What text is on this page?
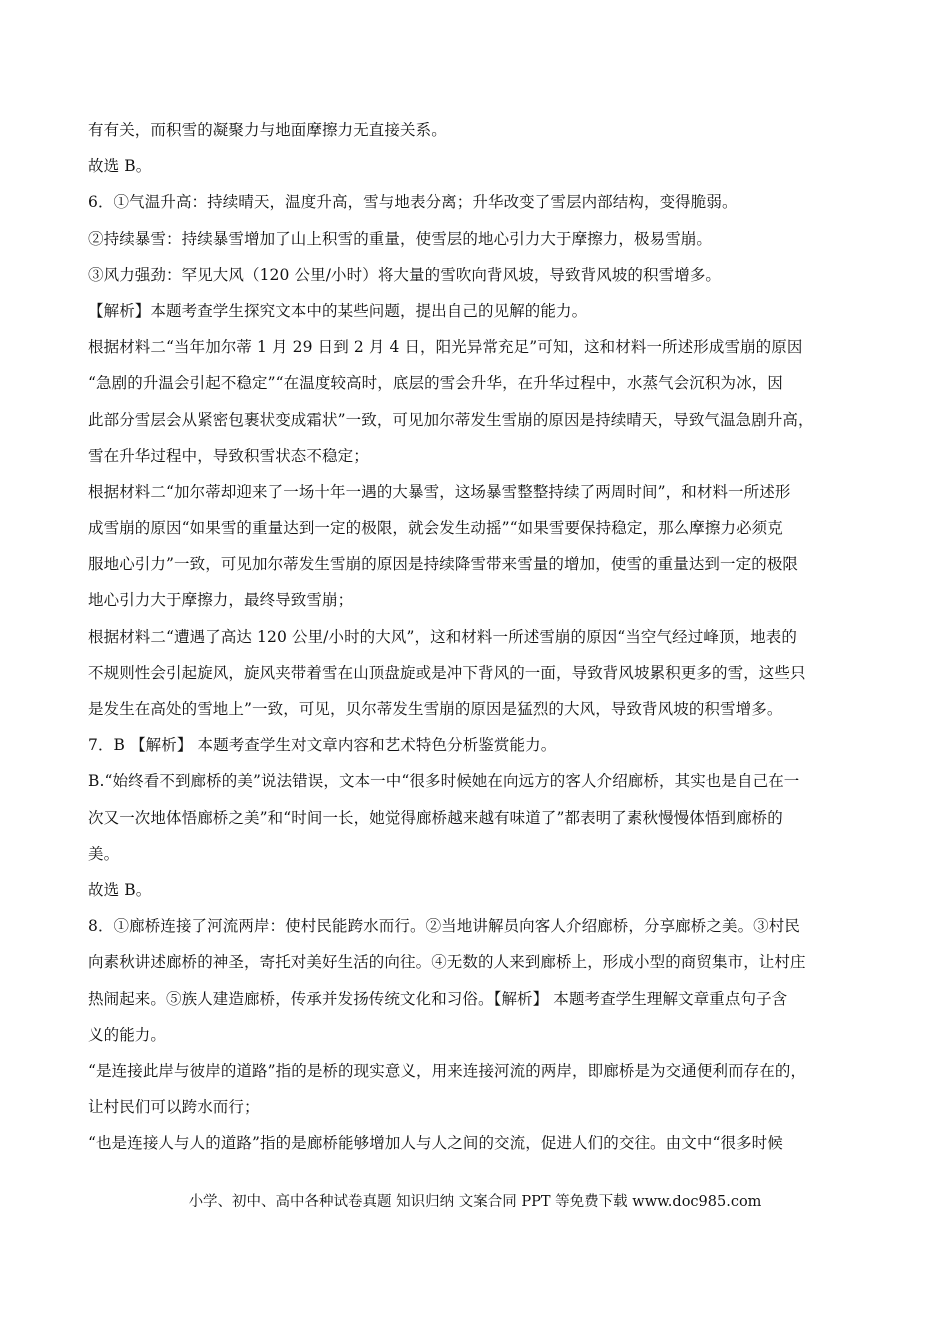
有有关，而积雪的凝聚力与地面摩擦力无直接关系。
故选 B。
6．①气温升高：持续晴天，温度升高，雪与地表分离；升华改变了雪层内部结构，变得脆弱。
②持续暴雪：持续暴雪增加了山上积雪的重量，使雪层的地心引力大于摩擦力，极易雪崩。
③风力强劲：罕见大风（120 公里/小时）将大量的雪吹向背风坡，导致背风坡的积雪增多。
【解析】本题考查学生探究文本中的某些问题，提出自己的见解的能力。
根据材料二“当年加尔蒂 1 月 29 日到 2 月 4 日，阳光异常充足”可知，这和材料一所述形成雪崩的原因
“急剧的升温会引起不稳定”“在温度较高时，底层的雪会升华，在升华过程中，水蒸气会沉积为冰，因
此部分雪层会从紧密包裹状变成霜状”一致，可见加尔蒂发生雪崩的原因是持续晴天，导致气温急剧升高，
雪在升华过程中，导致积雪状态不稳定；
根据材料二“加尔蒂却迎来了一场十年一遇的大暴雪，这场暴雪整整持续了两周时间”，和材料一所述形
成雪崩的原因“如果雪的重量达到一定的极限，就会发生动摇”“如果雪要保持稳定，那么摩擦力必须克
服地心引力”一致，可见加尔蒂发生雪崩的原因是持续降雪带来雪量的增加，使雪的重量达到一定的极限
地心引力大于摩擦力，最终导致雪崩；
根据材料二“遭遇了高达 120 公里/小时的大风”，这和材料一所述雪崩的原因“当空气经过峰顶，地表的
不规则性会引起旋风，旋风夹带着雪在山顶盘旋或是冲下背风的一面，导致背风坡累积更多的雪，这些只
是发生在高处的雪地上”一致，可见，贝尔蒂发生雪崩的原因是猛烈的大风，导致背风坡的积雪增多。
7．B 【解析】 本题考查学生对文章内容和艺术特色分析鉴赏能力。
B.“始终看不到廊桥的美”说法错误，文本一中“很多时候她在向远方的客人介绍廊桥，其实也是自己在一
次又一次地体悟廊桥之美”和“时间一长，她觉得廊桥越来越有味道了”都表明了素秋慢慢体悟到廊桥的
美。
故选 B。
8．①廊桥连接了河流两岸：使村民能跨水而行。②当地讲解员向客人介绍廊桥，分享廊桥之美。③村民
向素秋讲述廊桥的神圣，寄托对美好生活的向往。④无数的人来到廊桥上，形成小型的商贸集市，让村庄
热闹起来。⑤族人建造廊桥，传承并发扬传统文化和习俗。【解析】 本题考查学生理解文章重点句子含
义的能力。
“是连接此岸与彼岸的道路”指的是桥的现实意义，用来连接河流的两岸，即廊桥是为交通便利而存在的，
让村民们可以跨水而行；
“也是连接人与人的道路”指的是廊桥能够增加人与人之间的交流，促进人们的交往。由文中“很多时候
小学、初中、高中各种试卷真题 知识归纳 文案合同 PPT 等免费下载 www.doc985.com
